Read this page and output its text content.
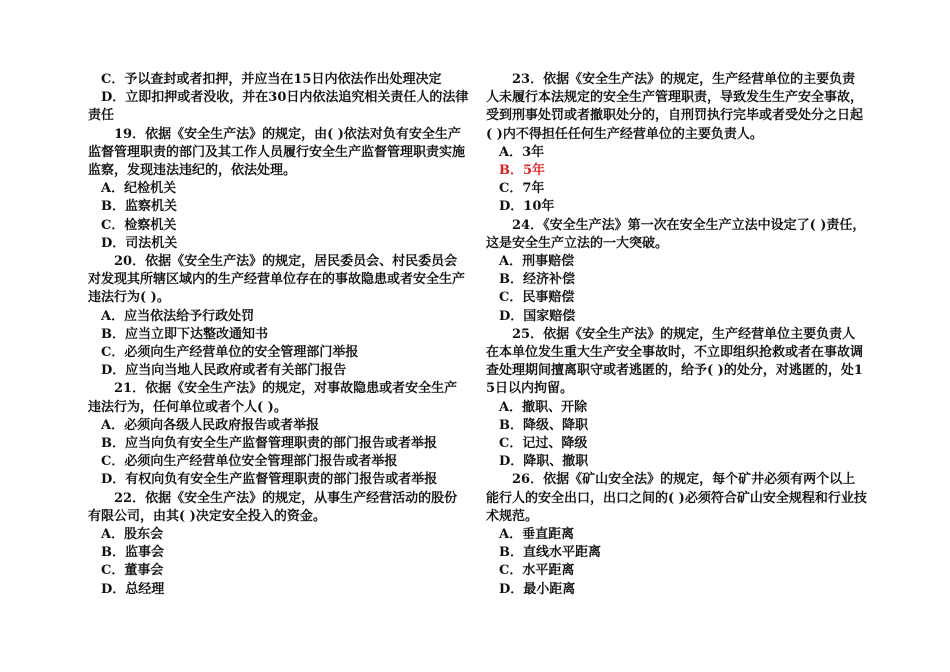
C．予以查封或者扣押，并应当在15日内依法作出处理决定

D．立即扣押或者没收，并在30日内依法追究相关责任人的法律责任

19．依据《安全生产法》的规定，由( )依法对负有安全生产监督管理职责的部门及其工作人员履行安全生产监督管理职责实施监察，发现违法违纪的，依法处理。

A．纪检机关

B．监察机关

C．检察机关

D．司法机关

20．依据《安全生产法》的规定，居民委员会、村民委员会对发现其所辖区域内的生产经营单位存在的事故隐患或者安全生产违法行为( )。

A．应当依法给予行政处罚

B．应当立即下达整改通知书

C．必须向生产经营单位的安全管理部门举报

D．应当向当地人民政府或者有关部门报告

21．依据《安全生产法》的规定，对事故隐患或者安全生产违法行为，任何单位或者个人( )。

A．必须向各级人民政府报告或者举报

B．应当向负有安全生产监督管理职责的部门报告或者举报

C．必须向生产经营单位安全管理部门报告或者举报

D．有权向负有安全生产监督管理职责的部门报告或者举报

22．依据《安全生产法》的规定，从事生产经营活动的股份有限公司，由其( )决定安全投入的资金。

A．股东会

B．监事会

C．董事会

D．总经理

23．依据《安全生产法》的规定，生产经营单位的主要负责人未履行本法规定的安全生产管理职责，导致发生生产安全事故，受到刑事处罚或者撤职处分的，自刑罚执行完毕或者受处分之日起( )内不得担任任何生产经营单位的主要负责人。

A．3年

B．5年

C．7年

D．10年

24．《安全生产法》第一次在安全生产立法中设定了( )责任，这是安全生产立法的一大突破。

A．刑事赔偿

B．经济补偿

C．民事赔偿

D．国家赔偿

25．依据《安全生产法》的规定，生产经营单位主要负责人在本单位发生重大生产安全事故时，不立即组织抢救或者在事故调查处理期间擅离职守或者逃匿的，给予( )的处分，对逃匿的，处15日以内拘留。

A．撤职、开除

B．降级、降职

C．记过、降级

D．降职、撤职

26．依据《矿山安全法》的规定，每个矿井必须有两个以上能行人的安全出口，出口之间的( )必须符合矿山安全规程和行业技术规范。

A．垂直距离

B．直线水平距离

C．水平距离

D．最小距离
